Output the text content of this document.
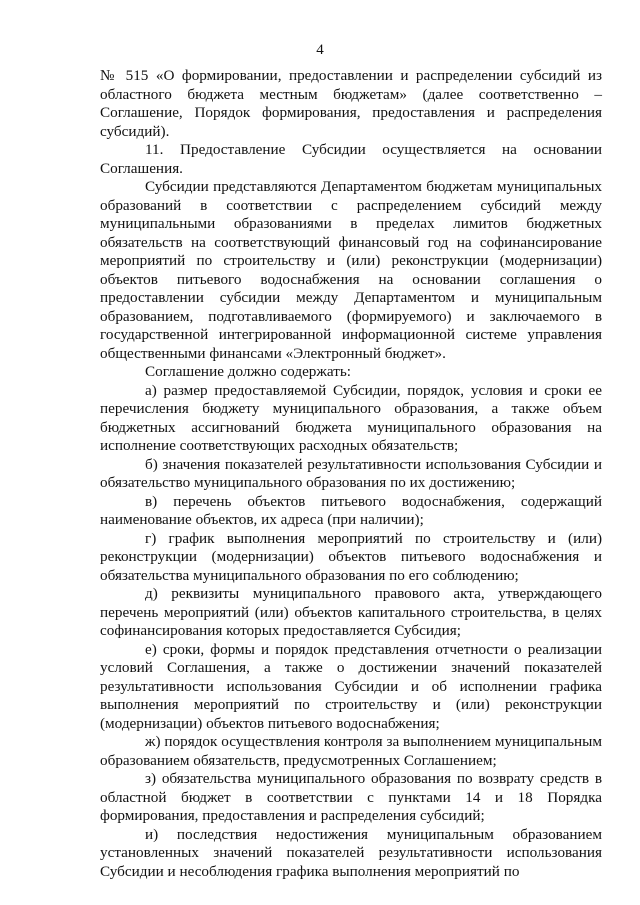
4

№ 515 «О формировании, предоставлении и распределении субсидий из областного бюджета местным бюджетам» (далее соответственно – Соглашение, Порядок формирования, предоставления и распределения субсидий).

11. Предоставление Субсидии осуществляется на основании Соглашения.

Субсидии представляются Департаментом бюджетам муниципальных образований в соответствии с распределением субсидий между муниципальными образованиями в пределах лимитов бюджетных обязательств на соответствующий финансовый год на софинансирование мероприятий по строительству и (или) реконструкции (модернизации) объектов питьевого водоснабжения на основании соглашения о предоставлении субсидии между Департаментом и муниципальным образованием, подготавливаемого (формируемого) и заключаемого в государственной интегрированной информационной системе управления общественными финансами «Электронный бюджет».

Соглашение должно содержать:

а) размер предоставляемой Субсидии, порядок, условия и сроки ее перечисления бюджету муниципального образования, а также объем бюджетных ассигнований бюджета муниципального образования на исполнение соответствующих расходных обязательств;

б) значения показателей результативности использования Субсидии и обязательство муниципального образования по их достижению;

в) перечень объектов питьевого водоснабжения, содержащий наименование объектов, их адреса (при наличии);

г) график выполнения мероприятий по строительству и (или) реконструкции (модернизации) объектов питьевого водоснабжения и обязательства муниципального образования по его соблюдению;

д) реквизиты муниципального правового акта, утверждающего перечень мероприятий (или) объектов капитального строительства, в целях софинансирования которых предоставляется Субсидия;

е) сроки, формы и порядок представления отчетности о реализации условий Соглашения, а также о достижении значений показателей результативности использования Субсидии и об исполнении графика выполнения мероприятий по строительству и (или) реконструкции (модернизации) объектов питьевого водоснабжения;

ж) порядок осуществления контроля за выполнением муниципальным образованием обязательств, предусмотренных Соглашением;

з) обязательства муниципального образования по возврату средств в областной бюджет в соответствии с пунктами 14 и 18 Порядка формирования, предоставления и распределения субсидий;

и) последствия недостижения муниципальным образованием установленных значений показателей результативности использования Субсидии и несоблюдения графика выполнения мероприятий по
